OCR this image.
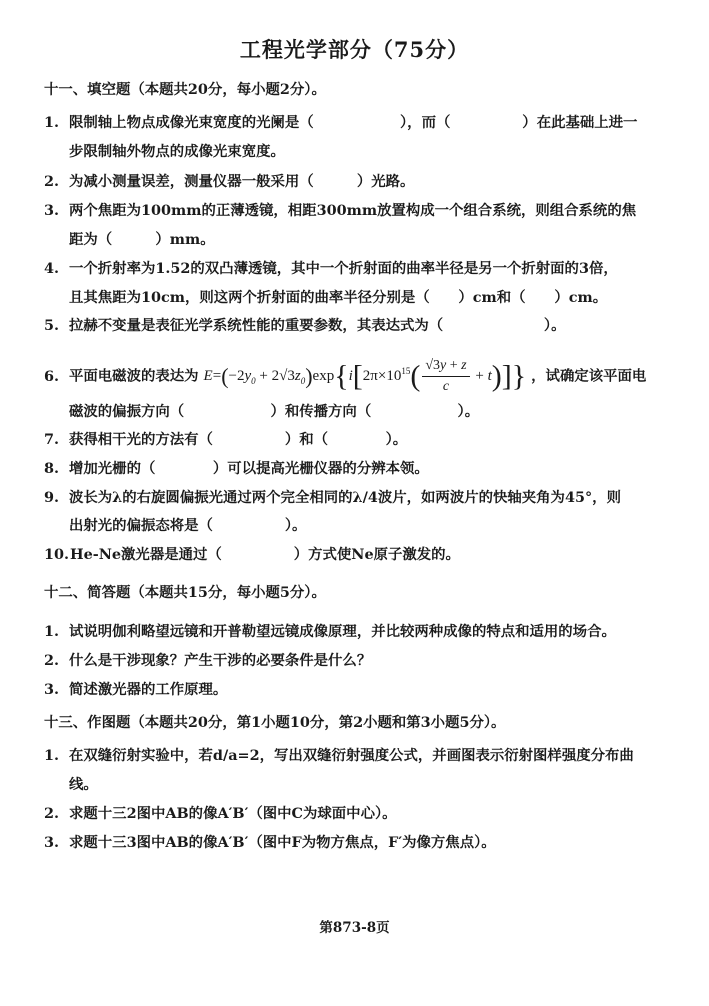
工程光学部分（75分）
十一、填空题（本题共20分，每小题2分）。
1. 限制轴上物点成像光束宽度的光阑是（　　　　　　），而（　　　　　）在此基础上进一
步限制轴外物点的成像光束宽度。
2. 为减小测量误差，测量仪器一般采用（　　　）光路。
3. 两个焦距为100mm的正薄透镜，相距300mm放置构成一个组合系统，则组合系统的焦
距为（　　　）mm。
4. 一个折射率为1.52的双凸薄透镜，其中一个折射面的曲率半径是另一个折射面的3倍，
且其焦距为10cm，则这两个折射面的曲率半径分别是（　　）cm和（　　）cm。
5. 拉赫不变量是表征光学系统性能的重要参数，其表达式为（　　　　　　　）。
6. 平面电磁波的表达为 $E=(-2y_0 + 2√3z_0)\exp\{i[2\pi\times 10^{15}( \frac{√3y + z}{c} + t)]\}$ ，试确定该平面电
磁波的偏振方向（　　　　　　）和传播方向（　　　　　　）。
7. 获得相干光的方法有（　　　　　）和（　　　　）。
8. 增加光栅的（　　　　）可以提高光栅仪器的分辨本领。
9. 波长为λ的右旋圆偏振光通过两个完全相同的λ/4波片，如两波片的快轴夹角为45°，则
出射光的偏振态将是（　　　　　）。
10.He-Ne激光器是通过（　　　　　）方式使Ne原子激发的。
十二、简答题（本题共15分，每小题5分）。
1. 试说明伽利略望远镜和开普勒望远镜成像原理，并比较两种成像的特点和适用的场合。
2. 什么是干涉现象？产生干涉的必要条件是什么？
3. 简述激光器的工作原理。
十三、作图题（本题共20分，第1小题10分，第2小题和第3小题5分）。
1. 在双缝衍射实验中，若d/a=2，写出双缝衍射强度公式，并画图表示衍射图样强度分布曲
线。
2. 求题十三2图中AB的像A′B′（图中C为球面中心）。
3. 求题十三3图中AB的像A′B′（图中F为物方焦点，F′为像方焦点）。
第873-8页
